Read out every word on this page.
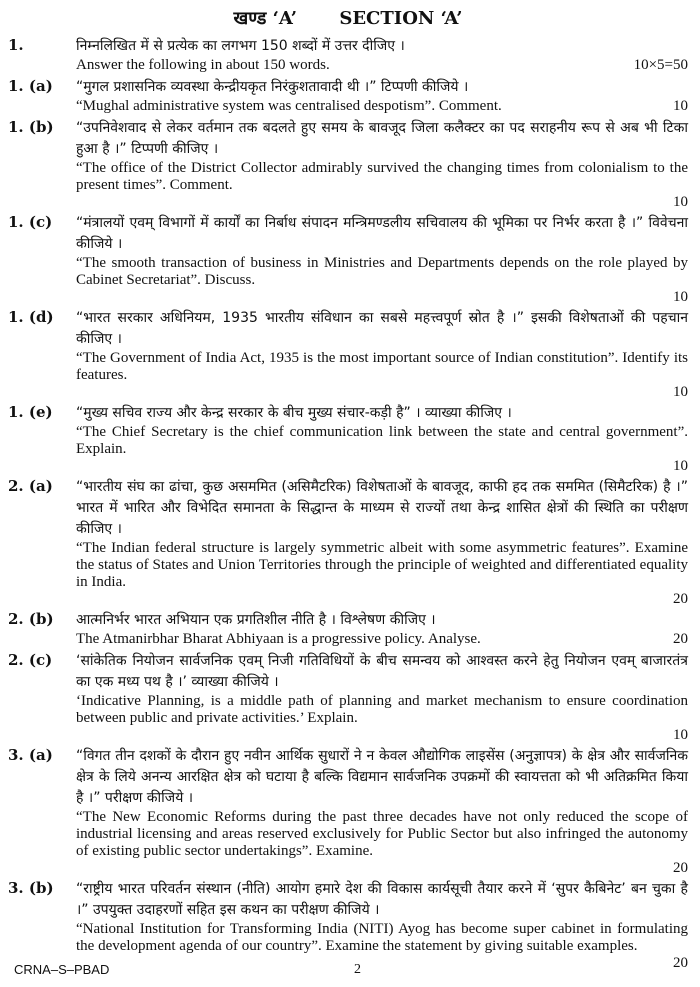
खण्ड ‘A’ SECTION ‘A’
1.	निम्नलिखित में से प्रत्येक का लगभग 150 शब्दों में उत्तर दीजिए ।
10×5=50
Answer the following in about 150 words.
1. (a)	“मुगल प्रशासनिक व्यवस्था केन्द्रीयकृत निरंकुशतावादी थी ।” टिप्पणी कीजिये ।
10
“Mughal administrative system was centralised despotism”. Comment.
1. (b)	“उपनिवेशवाद से लेकर वर्तमान तक बदलते हुए समय के बावजूद जिला कलैक्टर का पद सराहनीय रूप से अब भी टिका हुआ है ।” टिप्पणी कीजिए ।
“The office of the District Collector admirably survived the changing times from colonialism to the present times”. Comment.
10
1. (c)	“मंत्रालयों एवम् विभागों में कार्यों का निर्बाध संपादन मन्त्रिमण्डलीय सचिवालय की भूमिका पर निर्भर करता है ।” विवेचना कीजिये ।
“The smooth transaction of business in Ministries and Departments depends on the role played by Cabinet Secretariat”. Discuss.
10
1. (d)	“भारत सरकार अधिनियम, 1935 भारतीय संविधान का सबसे महत्त्वपूर्ण स्रोत है ।” इसकी विशेषताओं की पहचान कीजिए ।
“The Government of India Act, 1935 is the most important source of Indian constitution”. Identify its features.
10
1. (e)	“मुख्य सचिव राज्य और केन्द्र सरकार के बीच मुख्य संचार-कड़ी है” । व्याख्या कीजिए ।
“The Chief Secretary is the chief communication link between the state and central government”. Explain.
10
2. (a)	“भारतीय संघ का ढांचा, कुछ असममित (असिमैटरिक) विशेषताओं के बावजूद, काफी हद तक सममित (सिमैटरिक) है ।” भारत में भारित और विभेदित समानता के सिद्धान्त के माध्यम से राज्यों तथा केन्द्र शासित क्षेत्रों की स्थिति का परीक्षण कीजिए ।
“The Indian federal structure is largely symmetric albeit with some asymmetric features”. Examine the status of States and Union Territories through the principle of weighted and differentiated equality in India.
20
2. (b)	आत्मनिर्भर भारत अभियान एक प्रगतिशील नीति है । विश्लेषण कीजिए ।
20
The Atmanirbhar Bharat Abhiyaan is a progressive policy. Analyse.
2. (c)	‘सांकेतिक नियोजन सार्वजनिक एवम् निजी गतिविधियों के बीच समन्वय को आश्वस्त करने हेतु नियोजन एवम् बाजारतंत्र का एक मध्य पथ है ।’ व्याख्या कीजिये ।
‘Indicative Planning, is a middle path of planning and market mechanism to ensure coordination between public and private activities.’ Explain.
10
3. (a)	“विगत तीन दशकों के दौरान हुए नवीन आर्थिक सुधारों ने न केवल औद्योगिक लाइसेंस (अनुज्ञापत्र) के क्षेत्र और सार्वजनिक क्षेत्र के लिये अनन्य आरक्षित क्षेत्र को घटाया है बल्कि विद्यमान सार्वजनिक उपक्रमों की स्वायत्तता को भी अतिक्रमित किया है ।” परीक्षण कीजिये ।
“The New Economic Reforms during the past three decades have not only reduced the scope of industrial licensing and areas reserved exclusively for Public Sector but also infringed the autonomy of existing public sector undertakings”. Examine.
20
3. (b)	“राष्ट्रीय भारत परिवर्तन संस्थान (नीति) आयोग हमारे देश की विकास कार्यसूची तैयार करने में ‘सुपर कैबिनेट’ बन चुका है ।” उपयुक्त उदाहरणों सहित इस कथन का परीक्षण कीजिये ।
“National Institution for Transforming India (NITI) Ayog has become super cabinet in formulating the development agenda of our country”. Examine the statement by giving suitable examples.
20
CRNA–S–PBAD	2
